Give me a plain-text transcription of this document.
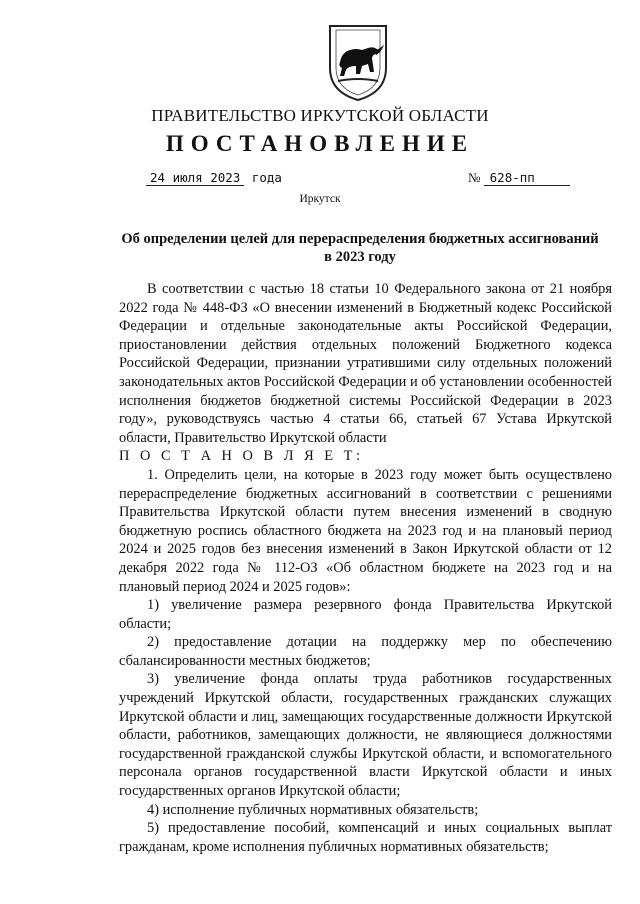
ПРАВИТЕЛЬСТВО ИРКУТСКОЙ ОБЛАСТИ
ПОСТАНОВЛЕНИЕ
24 июля 2023 года	№ 628-пп
Иркутск
Об определении целей для перераспределения бюджетных ассигнований в 2023 году

В соответствии с частью 18 статьи 10 Федерального закона от 21 ноября 2022 года № 448-ФЗ «О внесении изменений в Бюджетный кодекс Российской Федерации и отдельные законодательные акты Российской Федерации, приостановлении действия отдельных положений Бюджетного кодекса Российской Федерации, признании утратившими силу отдельных положений законодательных актов Российской Федерации и об установлении особенностей исполнения бюджетов бюджетной системы Российской Федерации в 2023 году», руководствуясь частью 4 статьи 66, статьей 67 Устава Иркутской области, Правительство Иркутской области

П О С Т А Н О В Л Я Е Т:

1. Определить цели, на которые в 2023 году может быть осуществлено перераспределение бюджетных ассигнований в соответствии с решениями Правительства Иркутской области путем внесения изменений в сводную бюджетную роспись областного бюджета на 2023 год и на плановый период 2024 и 2025 годов без внесения изменений в Закон Иркутской области от 12 декабря 2022 года № 112-ОЗ «Об областном бюджете на 2023 год и на плановый период 2024 и 2025 годов»:

1) увеличение размера резервного фонда Правительства Иркутской области;

2) предоставление дотации на поддержку мер по обеспечению сбалансированности местных бюджетов;

3) увеличение фонда оплаты труда работников государственных учреждений Иркутской области, государственных гражданских служащих Иркутской области и лиц, замещающих государственные должности Иркутской области, работников, замещающих должности, не являющиеся должностями государственной гражданской службы Иркутской области, и вспомогательного персонала органов государственной власти Иркутской области и иных государственных органов Иркутской области;

4) исполнение публичных нормативных обязательств;

5) предоставление пособий, компенсаций и иных социальных выплат гражданам, кроме исполнения публичных нормативных обязательств;
